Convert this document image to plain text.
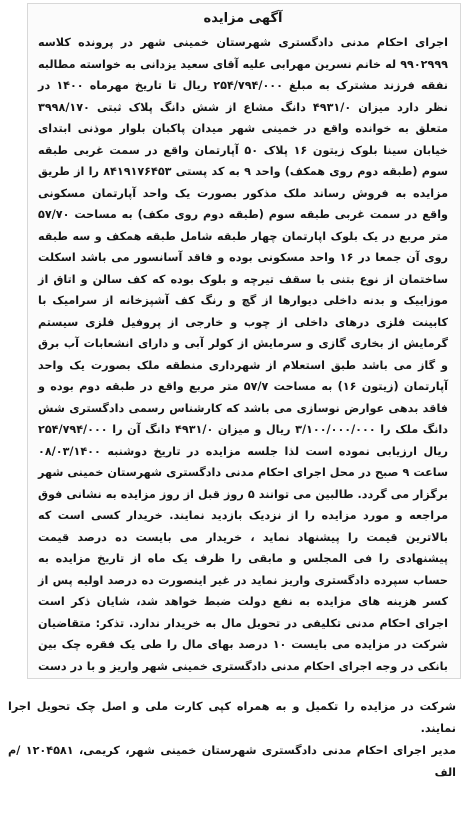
آگهی مزایده

اجرای احکام مدنی دادگستری شهرستان خمینی شهر در پرونده کلاسه ۹۹۰۲۹۹۹ له خانم نسرین مهرابی علیه آقای سعید یزدانی به خواسته مطالبه نفقه فرزند مشترک به مبلغ ۲۵۴/۷۹۴/۰۰۰ ریال تا تاریخ مهرماه ۱۴۰۰ در نظر دارد میزان ۴۹۳۱/۰ دانگ مشاع از شش دانگ پلاک ثبتی ۳۹۹۸/۱۷۰ متعلق به خوانده واقع در خمینی شهر میدان پاکبان بلوار موذنی ابتدای خیابان سینا بلوک زیتون ۱۶ پلاک ۵۰ آپارتمان واقع در سمت غربی طبقه سوم (طبقه دوم روی همکف) واحد ۹ به کد پستی ۸۴۱۹۱۷۶۴۵۳ را از طریق مزایده به فروش رساند ملک مذکور بصورت یک واحد آپارتمان مسکونی واقع در سمت غربی طبقه سوم (طبقه دوم روی مکف) به مساحت ۵۷/۷۰ متر مربع در یک بلوک اپارتمان چهار طبقه شامل طبقه همکف و سه طبقه روی آن جمعا در ۱۶ واحد مسکونی بوده و فاقد آسانسور می باشد اسکلت ساختمان از نوع بتنی با سقف تیرچه و بلوک بوده که کف سالن و اتاق از موزاییک و بدنه داخلی دیوارها از گچ و رنگ کف آشپزخانه از سرامیک با کابینت فلزی درهای داخلی از چوب و خارجی از پروفیل فلزی سیستم گرمایش از بخاری گازی و سرمایش از کولر آبی و دارای انشعابات آب برق و گاز می باشد طبق استعلام از شهرداری منطقه ملک بصورت یک واحد آپارتمان (زیتون ۱۶) به مساحت ۵۷/۷ متر مربع واقع در طبقه دوم بوده و فاقد بدهی عوارض نوسازی می باشد که کارشناس رسمی دادگستری شش دانگ ملک را ۳/۱۰۰/۰۰۰/۰۰۰ ریال و میزان ۴۹۳۱/۰ دانگ آن را ۲۵۴/۷۹۴/۰۰۰ ریال ارزیابی نموده است لذا جلسه مزایده در تاریخ دوشنبه ۰۸/۰۳/۱۴۰۰ ساعت ۹ صبح در محل اجرای احکام مدنی دادگستری شهرستان خمینی شهر برگزار می گردد. طالبین می توانند ۵ روز قبل از روز مزایده به نشانی فوق مراجعه و مورد مزایده را از نزدیک بازدید نمایند. خریدار کسی است که بالاترین قیمت را پیشنهاد نماید ، خریدار می بایست ده درصد قیمت پیشنهادی را فی المجلس و مابقی را ظرف یک ماه از تاریخ مزایده به حساب سپرده دادگستری واریز نماید در غیر اینصورت ده درصد اولیه پس از کسر هزینه های مزایده به نفع دولت ضبط خواهد شد، شایان ذکر است اجرای احکام مدنی تکلیفی در تحویل مال به خریدار ندارد. تذکر: متقاضیان شرکت در مزایده می بایست ۱۰ درصد بهای مال را طی یک فقره چک بین بانکی در وجه اجرای احکام مدنی دادگستری خمینی شهر واریز و با در دست

شرکت در مزایده را تکمیل و به همراه کپی کارت ملی و اصل چک تحویل اجرا نمایند.

مدیر اجرای احکام مدنی دادگستری شهرستان خمینی شهر، کریمی، ۱۲۰۴۵۸۱ /م الف
